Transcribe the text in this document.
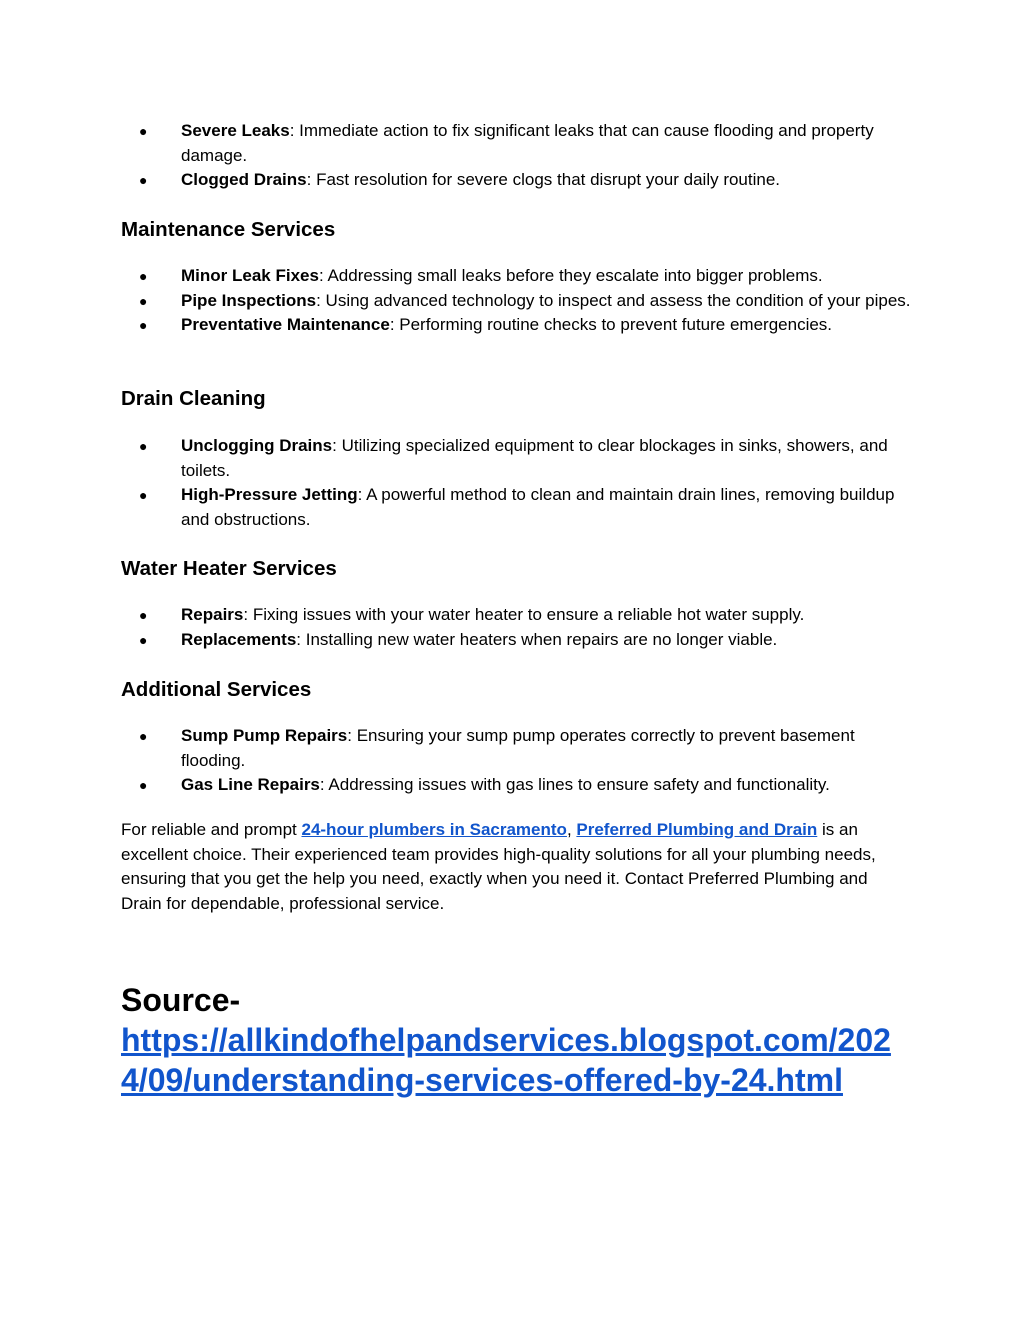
● Severe Leaks: Immediate action to fix significant leaks that can cause flooding and property damage.
● Clogged Drains: Fast resolution for severe clogs that disrupt your daily routine.
Maintenance Services
● Minor Leak Fixes: Addressing small leaks before they escalate into bigger problems.
● Pipe Inspections: Using advanced technology to inspect and assess the condition of your pipes.
● Preventative Maintenance: Performing routine checks to prevent future emergencies.
Drain Cleaning
● Unclogging Drains: Utilizing specialized equipment to clear blockages in sinks, showers, and toilets.
● High-Pressure Jetting: A powerful method to clean and maintain drain lines, removing buildup and obstructions.
Water Heater Services
● Repairs: Fixing issues with your water heater to ensure a reliable hot water supply.
● Replacements: Installing new water heaters when repairs are no longer viable.
Additional Services
● Sump Pump Repairs: Ensuring your sump pump operates correctly to prevent basement flooding.
● Gas Line Repairs: Addressing issues with gas lines to ensure safety and functionality.

For reliable and prompt 24-hour plumbers in Sacramento, Preferred Plumbing and Drain is an excellent choice. Their experienced team provides high-quality solutions for all your plumbing needs, ensuring that you get the help you need, exactly when you need it. Contact Preferred Plumbing and Drain for dependable, professional service.

Source-
https://allkindofhelpandservices.blogspot.com/2024/09/understanding-services-offered-by-24.html
